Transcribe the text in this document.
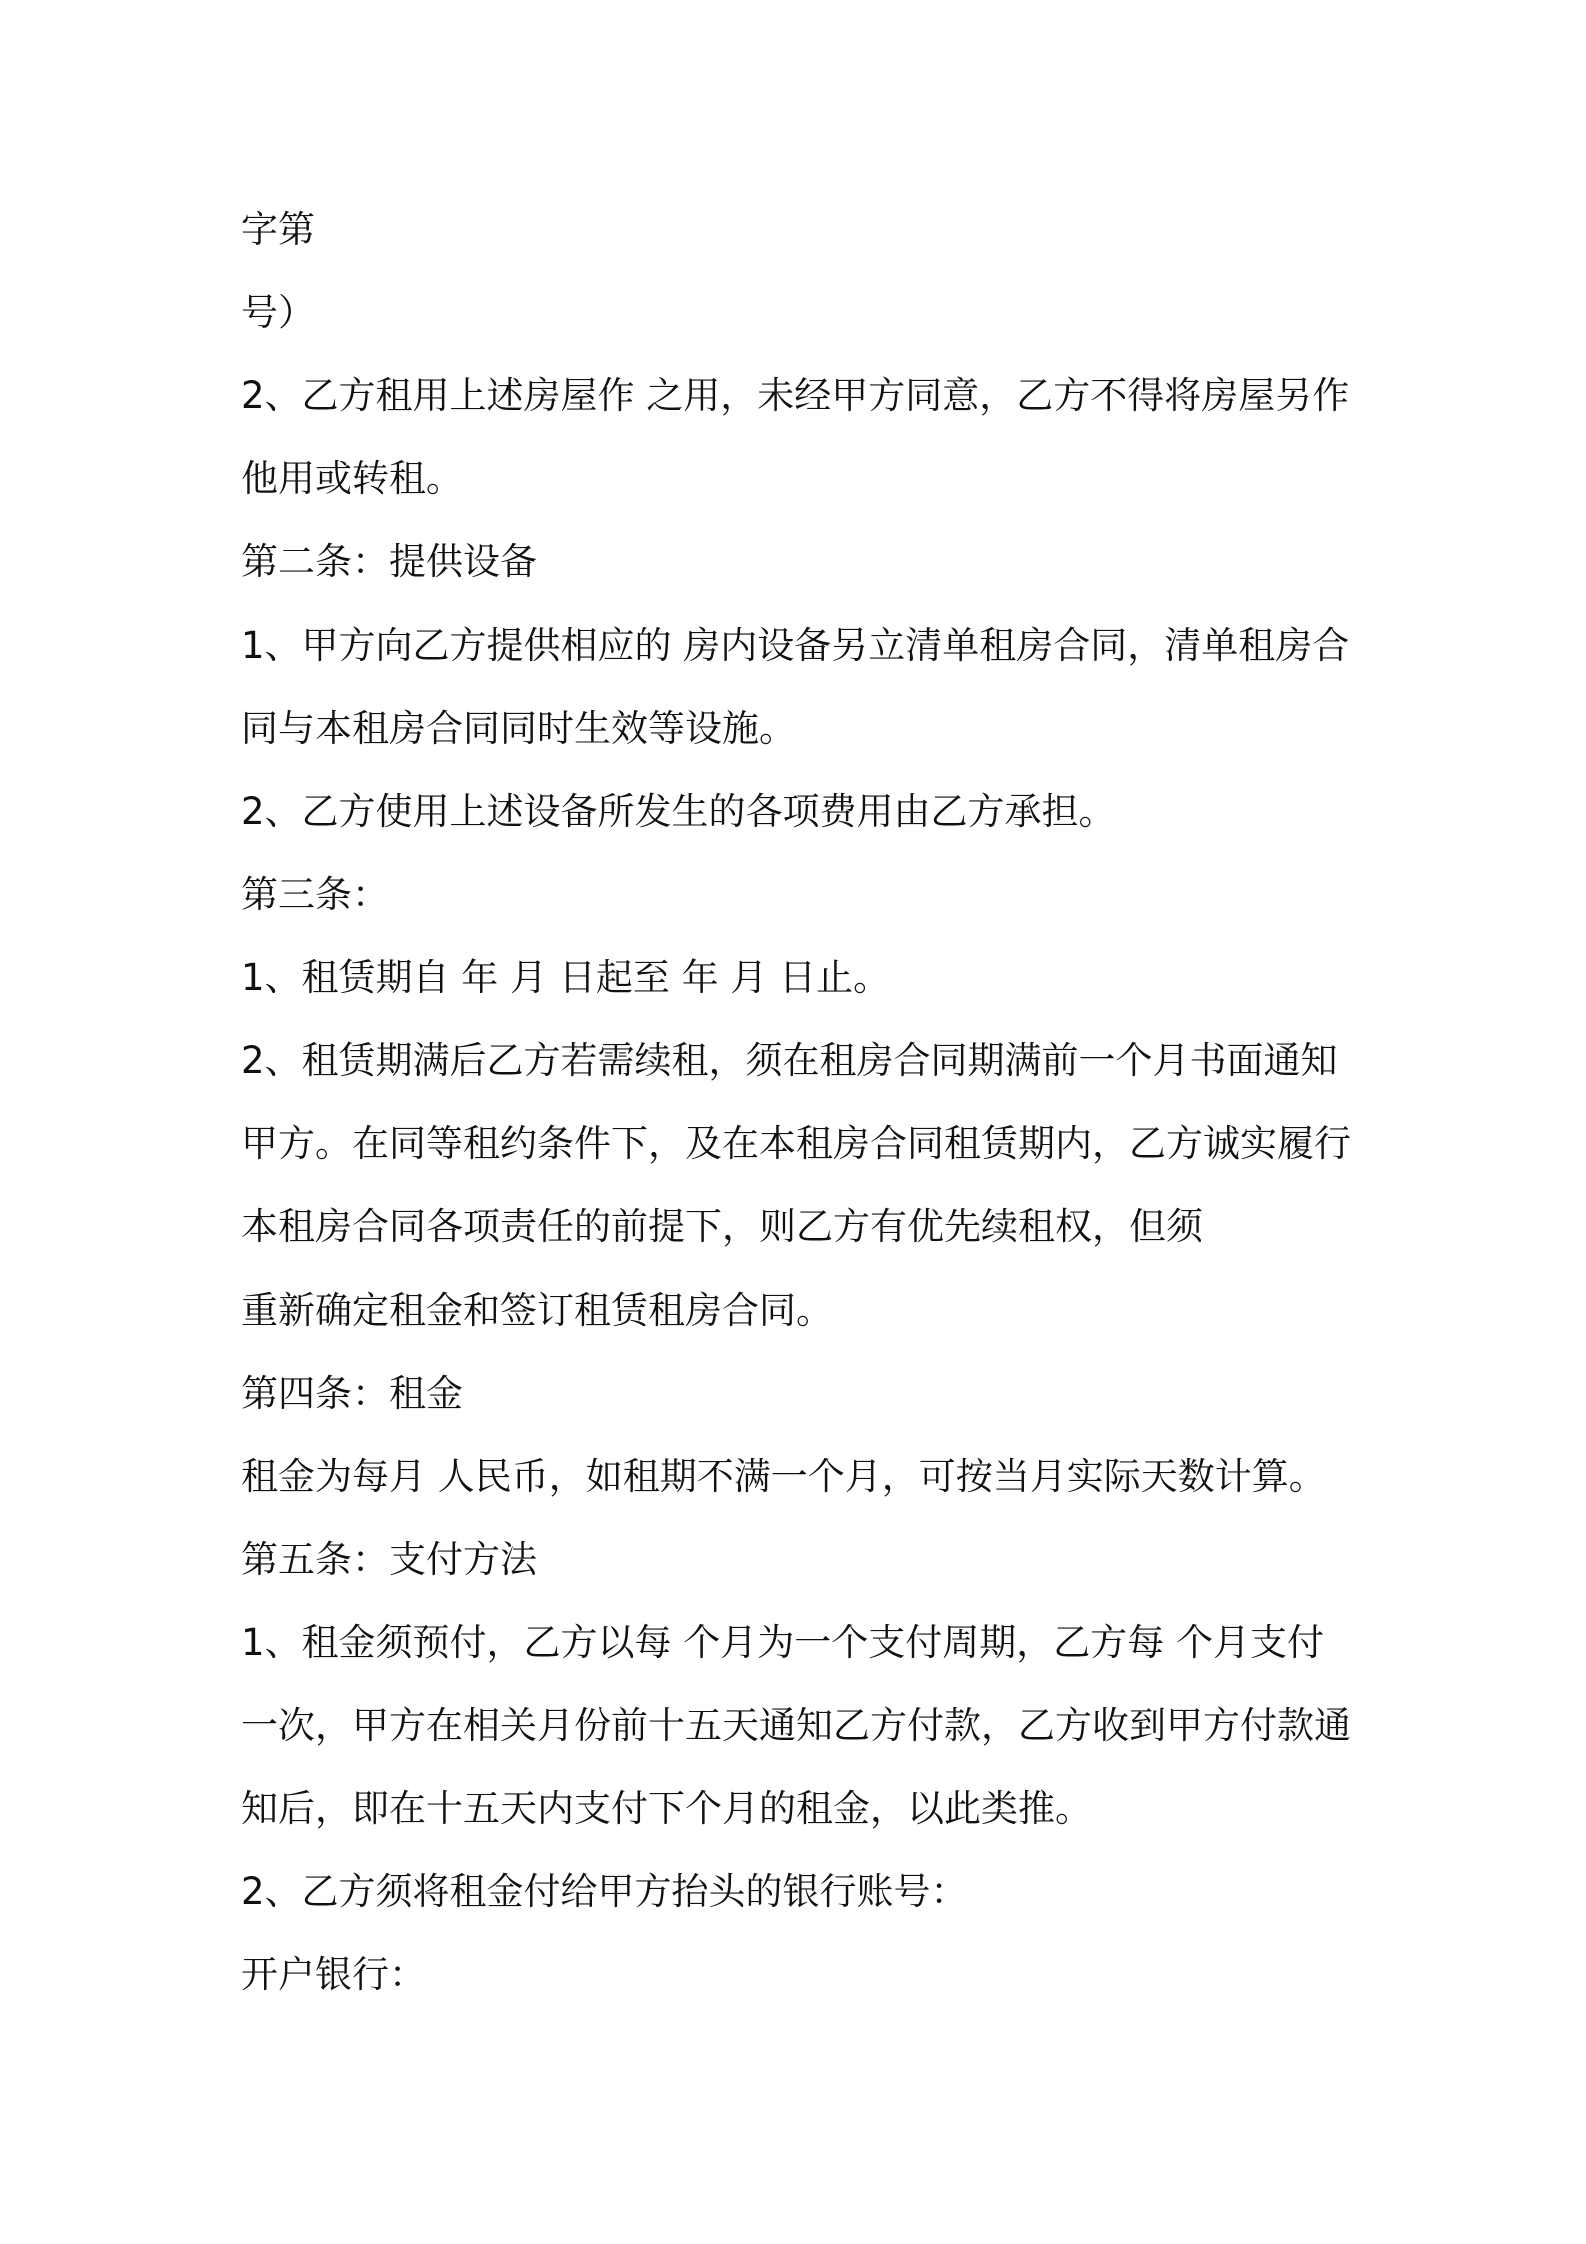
字第
号）
2、乙方租用上述房屋作 之用，未经甲方同意，乙方不得将房屋另作
他用或转租。
第二条：提供设备
1、甲方向乙方提供相应的 房内设备另立清单租房合同，清单租房合
同与本租房合同同时生效等设施。
2、乙方使用上述设备所发生的各项费用由乙方承担。
第三条：
1、租赁期自 年 月 日起至 年 月 日止。
2、租赁期满后乙方若需续租，须在租房合同期满前一个月书面通知
甲方。在同等租约条件下，及在本租房合同租赁期内，乙方诚实履行
本租房合同各项责任的前提下，则乙方有优先续租权，但须
重新确定租金和签订租赁租房合同。
第四条：租金
租金为每月 人民币，如租期不满一个月，可按当月实际天数计算。
第五条：支付方法
1、租金须预付，乙方以每 个月为一个支付周期，乙方每 个月支付
一次，甲方在相关月份前十五天通知乙方付款，乙方收到甲方付款通
知后，即在十五天内支付下个月的租金，以此类推。
2、乙方须将租金付给甲方抬头的银行账号：
开户银行：
